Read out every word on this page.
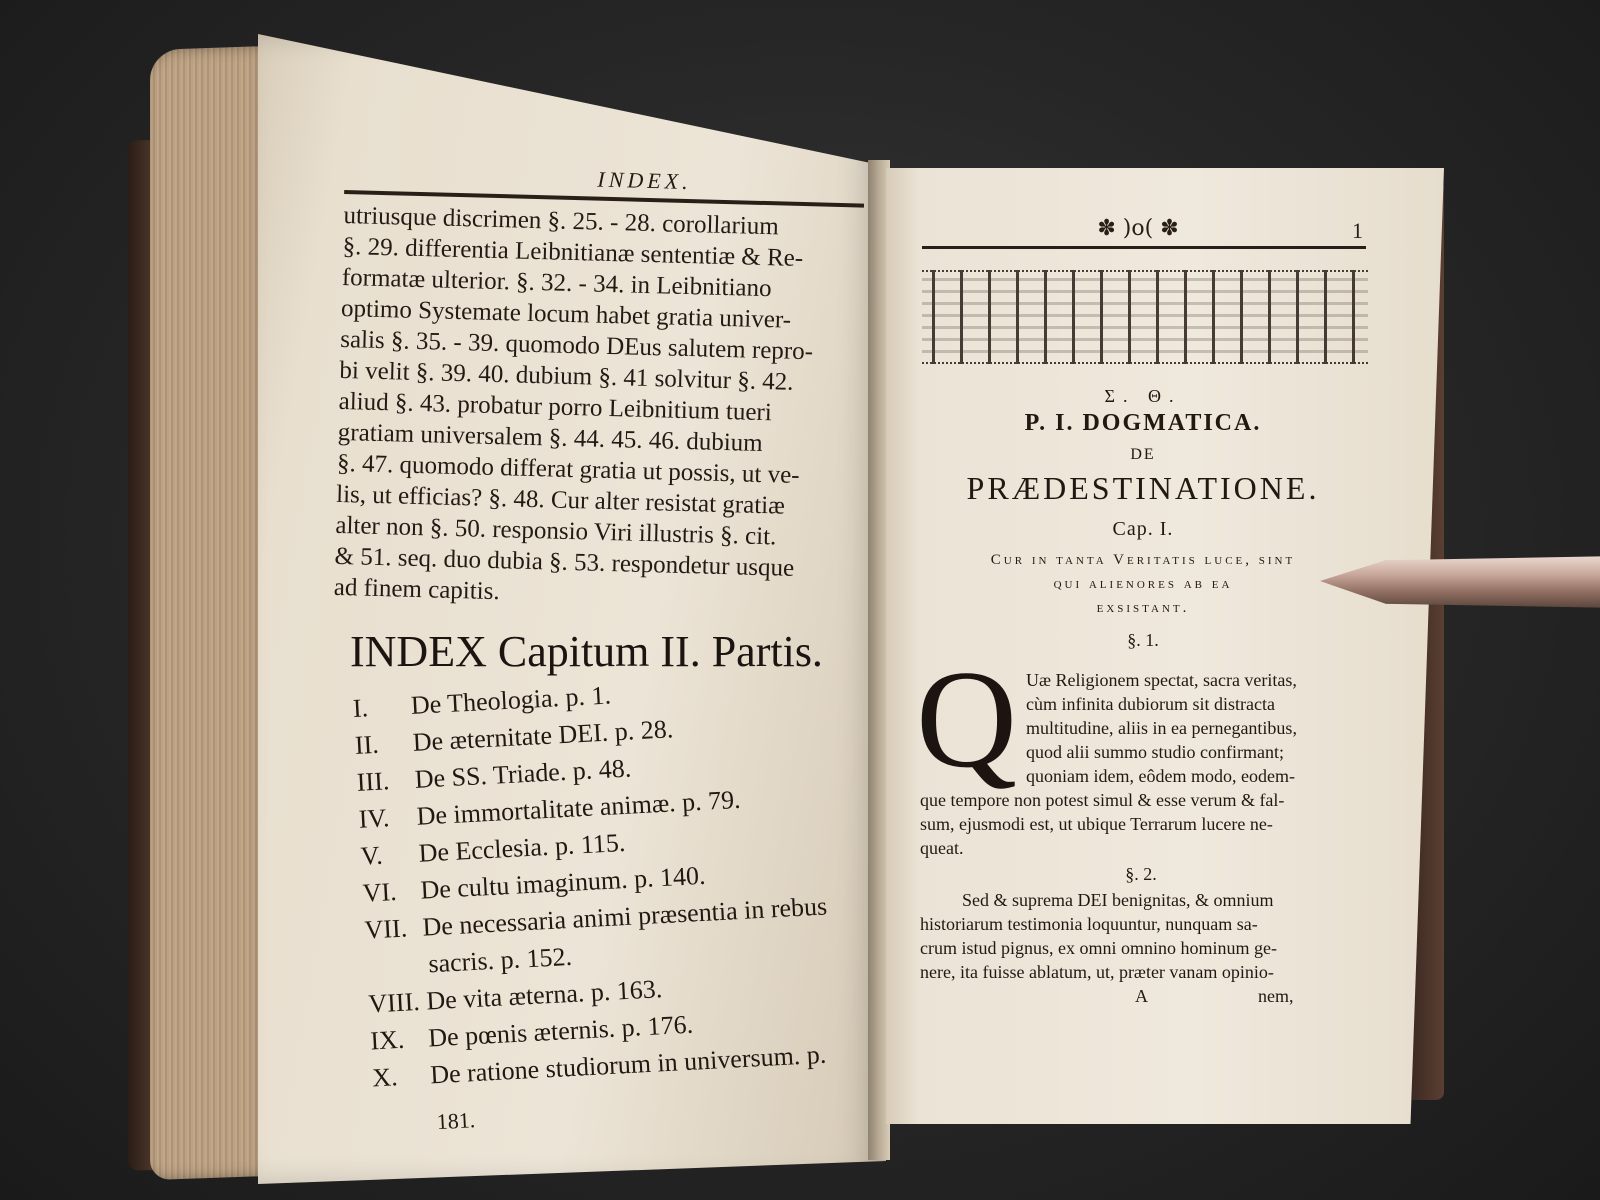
INDEX.
utriusque discrimen §. 25. - 28. corollarium
§. 29. differentia Leibnitianæ sententiæ & Re-
formatæ ulterior. §. 32. - 34. in Leibnitiano
optimo Systemate locum habet gratia univer-
salis §. 35. - 39. quomodo DEus salutem repro-
bi velit §. 39. 40. dubium §. 41 solvitur §. 42.
aliud §. 43. probatur porro Leibnitium tueri
gratiam universalem §. 44. 45. 46. dubium
§. 47. quomodo differat gratia ut possis, ut ve-
lis, ut efficias? §. 48. Cur alter resistat gratiæ
alter non §. 50. responsio Viri illustris §. cit.
& 51. seq. duo dubia §. 53. respondetur usque
ad finem capitis.
INDEX Capitum II. Partis.
I. De Theologia. p. 1.
II. De æternitate DEI. p. 28.
III. De SS. Triade. p. 48.
IV. De immortalitate animæ. p. 79.
V. De Ecclesia. p. 115.
VI. De cultu imaginum. p. 140.
VII. De necessaria animi præsentia in rebus
sacris. p. 152.
VIII. De vita æterna. p. 163.
IX. De pœnis æternis. p. 176.
X. De ratione studiorum in universum. p.
181.
✽ )o( ✽	1
Σ. Θ.
P. I. DOGMATICA.
DE
PRÆDESTINATIONE.
Cap. I.
Cur in tanta Veritatis luce, sint
qui alienores ab ea
exsistant.
§. 1.
Q Uæ Religionem spectat, sacra veritas,
cùm infinita dubiorum sit distracta
multitudine, aliis in ea pernegantibus,
quod alii summo studio confirmant;
quoniam idem, eôdem modo, eodem-
que tempore non potest simul & esse verum & fal-
sum, ejusmodi est, ut ubique Terrarum lucere ne-
queat.
§. 2.
Sed & suprema DEI benignitas, & omnium
historiarum testimonia loquuntur, nunquam sa-
crum istud pignus, ex omni omnino hominum ge-
nere, ita fuisse ablatum, ut, præter vanam opinio-
A	nem,
